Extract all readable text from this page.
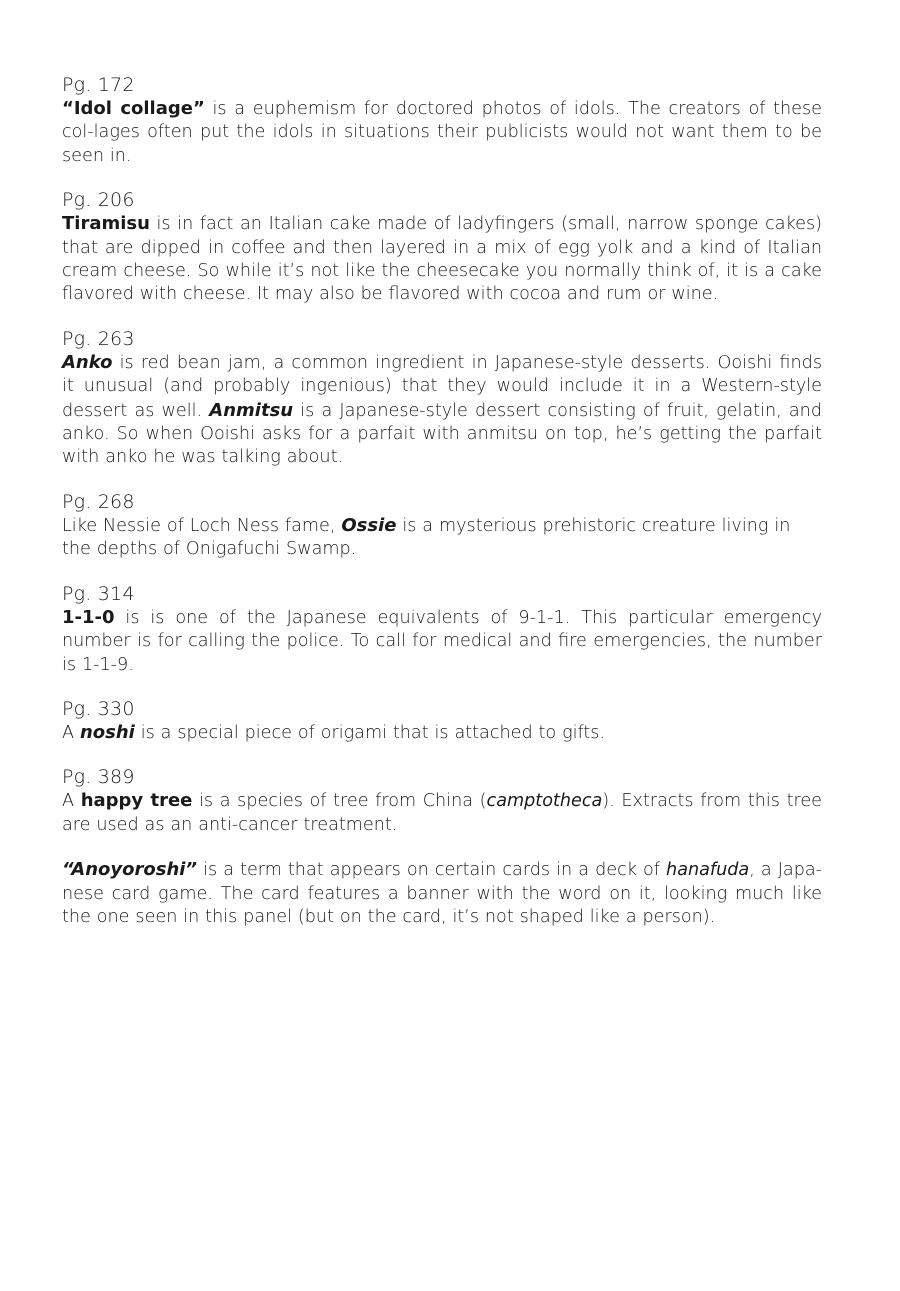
Pg. 172
“Idol collage” is a euphemism for doctored photos of idols. The creators of these col-lages often put the idols in situations their publicists would not want them to be seen in.
Pg. 206
Tiramisu is in fact an Italian cake made of ladyfingers (small, narrow sponge cakes) that are dipped in coffee and then layered in a mix of egg yolk and a kind of Italian cream cheese. So while it’s not like the cheesecake you normally think of, it is a cake flavored with cheese. It may also be flavored with cocoa and rum or wine.
Pg. 263
Anko is red bean jam, a common ingredient in Japanese-style desserts. Ooishi finds it unusual (and probably ingenious) that they would include it in a Western-style dessert as well. Anmitsu is a Japanese-style dessert consisting of fruit, gelatin, and anko. So when Ooishi asks for a parfait with anmitsu on top, he’s getting the parfait with anko he was talking about.
Pg. 268
Like Nessie of Loch Ness fame, Ossie is a mysterious prehistoric creature living in
the depths of Onigafuchi Swamp.
Pg. 314
1-1-0 is is one of the Japanese equivalents of 9-1-1. This particular emergency number is for calling the police. To call for medical and fire emergencies, the number is 1-1-9.
Pg. 330
A noshi is a special piece of origami that is attached to gifts.
Pg. 389
A happy tree is a species of tree from China (camptotheca). Extracts from this tree are used as an anti-cancer treatment.
“Anoyoroshi” is a term that appears on certain cards in a deck of hanafuda, a Japa-nese card game. The card features a banner with the word on it, looking much like the one seen in this panel (but on the card, it’s not shaped like a person).
